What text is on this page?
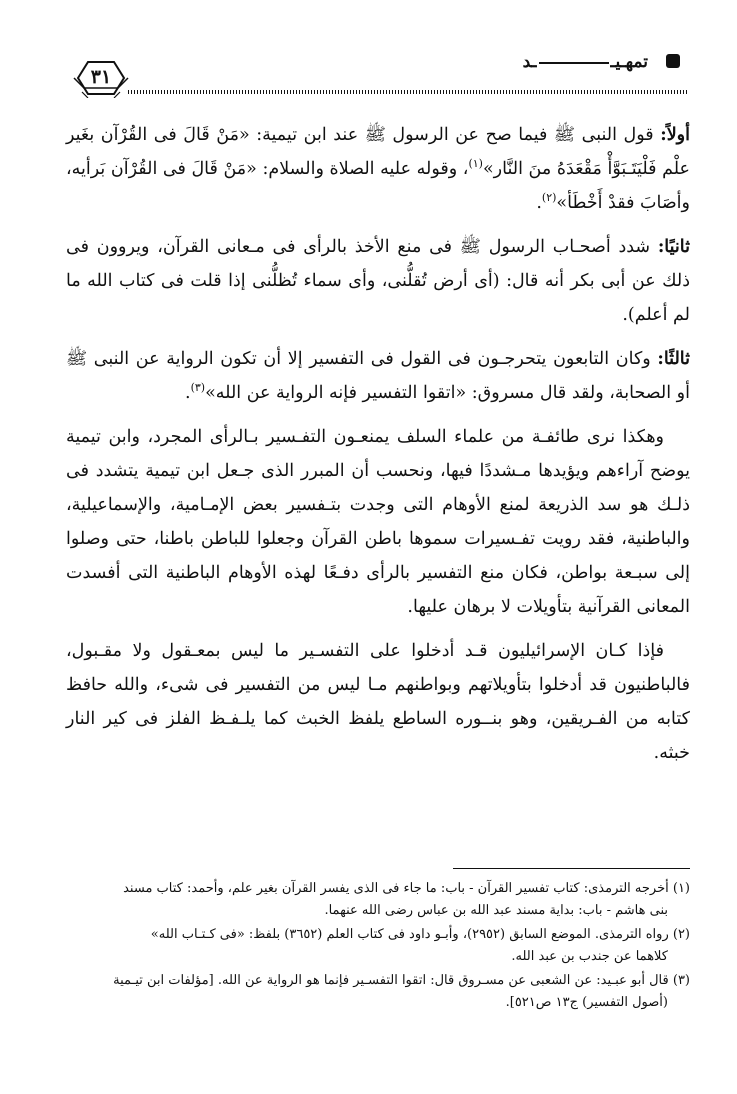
تمهـيــد
٣١

أولاً: قول النبى ﷺ فيما صح عن الرسول ﷺ عند ابن تيمية: «مَنْ قَالَ فى القُرْآن بغَير علْم فَلْيَتَـبَوَّأْ مَقْعَدَهُ منَ النَّار»$^{(١)}$، وقوله عليه الصلاة والسلام: «مَنْ قَالَ فى القُرْآن بَرأيه، وأصَابَ فقدْ أَخْطَأ»$^{(٢)}$.

ثانيًا: شدد أصحـاب الرسول ﷺ فى منع الأخذ بالرأى فى مـعانى القرآن، ويروون فى ذلك عن أبى بكر أنه قال: (أى أرض تُقلُّنى، وأى سماء تُظلُّنى إذا قلت فى كتاب الله ما لم أعلم).

ثالثًا: وكان التابعون يتحرجـون فى القول فى التفسير إلا أن تكون الرواية عن النبى ﷺ أو الصحابة، ولقد قال مسروق: «اتقوا التفسير فإنه الرواية عن الله»$^{(٣)}$.

وهكذا نرى طائفـة من علماء السلف يمنعـون التفـسير بـالرأى المجرد، وابن تيمية يوضح آراءهم ويؤيدها مـشددًا فيها، ونحسب أن المبرر الذى جـعل ابن تيمية يتشدد فى ذلـك هو سد الذريعة لمنع الأوهام التى وجدت بتـفسير بعض الإمـامية، والإسماعيلية، والباطنية، فقد رويت تفـسيرات سموها باطن القرآن وجعلوا للباطن باطنا، حتى وصلوا إلى سبـعة بواطن، فكان منع التفسير بالرأى دفـعًا لهذه الأوهام الباطنية التى أفسدت المعانى القرآنية بتأويلات لا برهان عليها.

فإذا كـان الإسرائيليون قـد أدخلوا على التفسـير ما ليس بمعـقول ولا مقـبول، فالباطنيون قد أدخلوا بتأويلاتهم وبواطنهم مـا ليس من التفسير فى شىء، والله حافظ كتابه من الفـريقين، وهو بنــوره الساطع يلفظ الخبث كما يلـفـظ الفلز فى كير النار خبثه.

(١) أخرجه الترمذى: كتاب تفسير القرآن - باب: ما جاء فى الذى يفسر القرآن بغير علم، وأحمد: كتاب مسند
بنى هاشم - باب: بداية مسند عبد الله بن عباس رضى الله عنهما.
(٢) رواه الترمذى. الموضع السابق (٢٩٥٢)، وأبـو داود فى كتاب العلم (٣٦٥٢) بلفظ: «فى كـتـاب الله»
كلاهما عن جندب بن عبد الله.
(٣) قال أبو عبـيد: عن الشعبى عن مسـروق قال: اتقوا التفسـير فإنما هو الرواية عن الله. [مؤلفات ابن تيـمية
(أصول التفسير) ج١٣ ص٥٢١].
